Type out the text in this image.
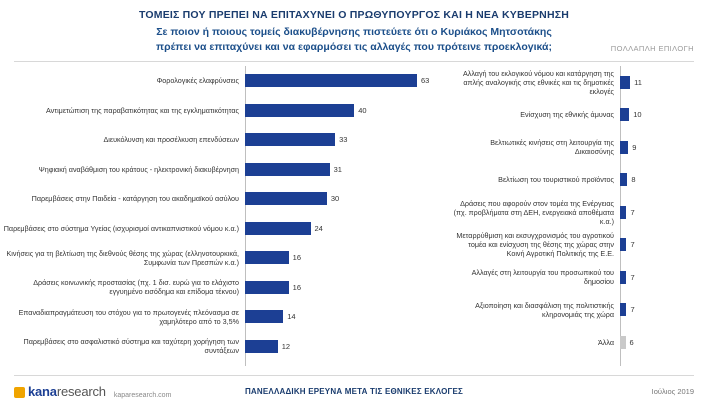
ΤΟΜΕΙΣ ΠΟΥ ΠΡΕΠΕΙ ΝΑ ΕΠΙΤΑΧΥΝΕΙ Ο ΠΡΩΘΥΠΟΥΡΓΟΣ ΚΑΙ Η ΝΕΑ ΚΥΒΕΡΝΗΣΗ
Σε ποιον ή ποιους τομείς διακυβέρνησης πιστεύετε ότι ο Κυριάκος Μητσοτάκης
πρέπει να επιταχύνει και να εφαρμόσει τις αλλαγές που πρότεινε προεκλογικά;	ΠΟΛΛΑΠΛΗ ΕΠΙΛΟΓΗ
Φορολογικές ελαφρύνσεις	63
Αντιμετώπιση της παραβατικότητας και της εγκληματικότητας	40
Διευκόλυνση και προσέλκυση επενδύσεων	33
Ψηφιακή αναβάθμιση του κράτους - ηλεκτρονική διακυβέρνηση	31
Παρεμβάσεις στην Παιδεία - κατάργηση του ακαδημαϊκού ασύλου	30
Παρεμβάσεις στο σύστημα Υγείας (ισχυρισμοί αντικαπνιστικού νόμου κ.α.)	24
Κινήσεις για τη βελτίωση της διεθνούς θέσης της χώρας (ελληνοτουρκικά, Συμφωνία των Πρεσπών κ.α.)	16
Δράσεις κοινωνικής προστασίας (πχ. 1 δισ. ευρώ για το ελάχιστο εγγυημένο εισόδημα και επίδομα τέκνου)	16
Επαναδιαπραγμάτευση του στόχου για το πρωτογενές πλεόνασμα σε χαμηλότερο από το 3,5%	14
Παρεμβάσεις στο ασφαλιστικό σύστημα και ταχύτερη χορήγηση των συντάξεων	12
Αλλαγή του εκλογικού νόμου και κατάργηση της απλής αναλογικής στις εθνικές και τις δημοτικές εκλογές
11
Ενίσχυση της εθνικής άμυνας	10
Βελτιωτικές κινήσεις στη λειτουργία της Δικαιοσύνης	9
Βελτίωση του τουριστικού προϊόντος	8
Δράσεις που αφορούν στον τομέα της Ενέργειας (πχ. προβλήματα στη ΔΕΗ, ενεργειακά αποθέματα κ.α.)
7
Μεταρρύθμιση και εκσυγχρονισμός του αγροτικού τομέα και ενίσχυση της θέσης της χώρας στην Κοινή Αγροτική Πολιτικής της Ε.Ε.
7
Αλλαγές στη λειτουργία του προσωπικού του δημοσίου	7
Αξιοποίηση και διασφάλιση της πολιτιστικής κληρονομιάς της χώρα	7
Άλλα	6
kana research kaparesearch.com	ΠΑΝΕΛΛΑΔΙΚΗ ΕΡΕΥΝΑ ΜΕΤΑ ΤΙΣ ΕΘΝΙΚΕΣ ΕΚΛΟΓΕΣ	Ιούλιος 2019
